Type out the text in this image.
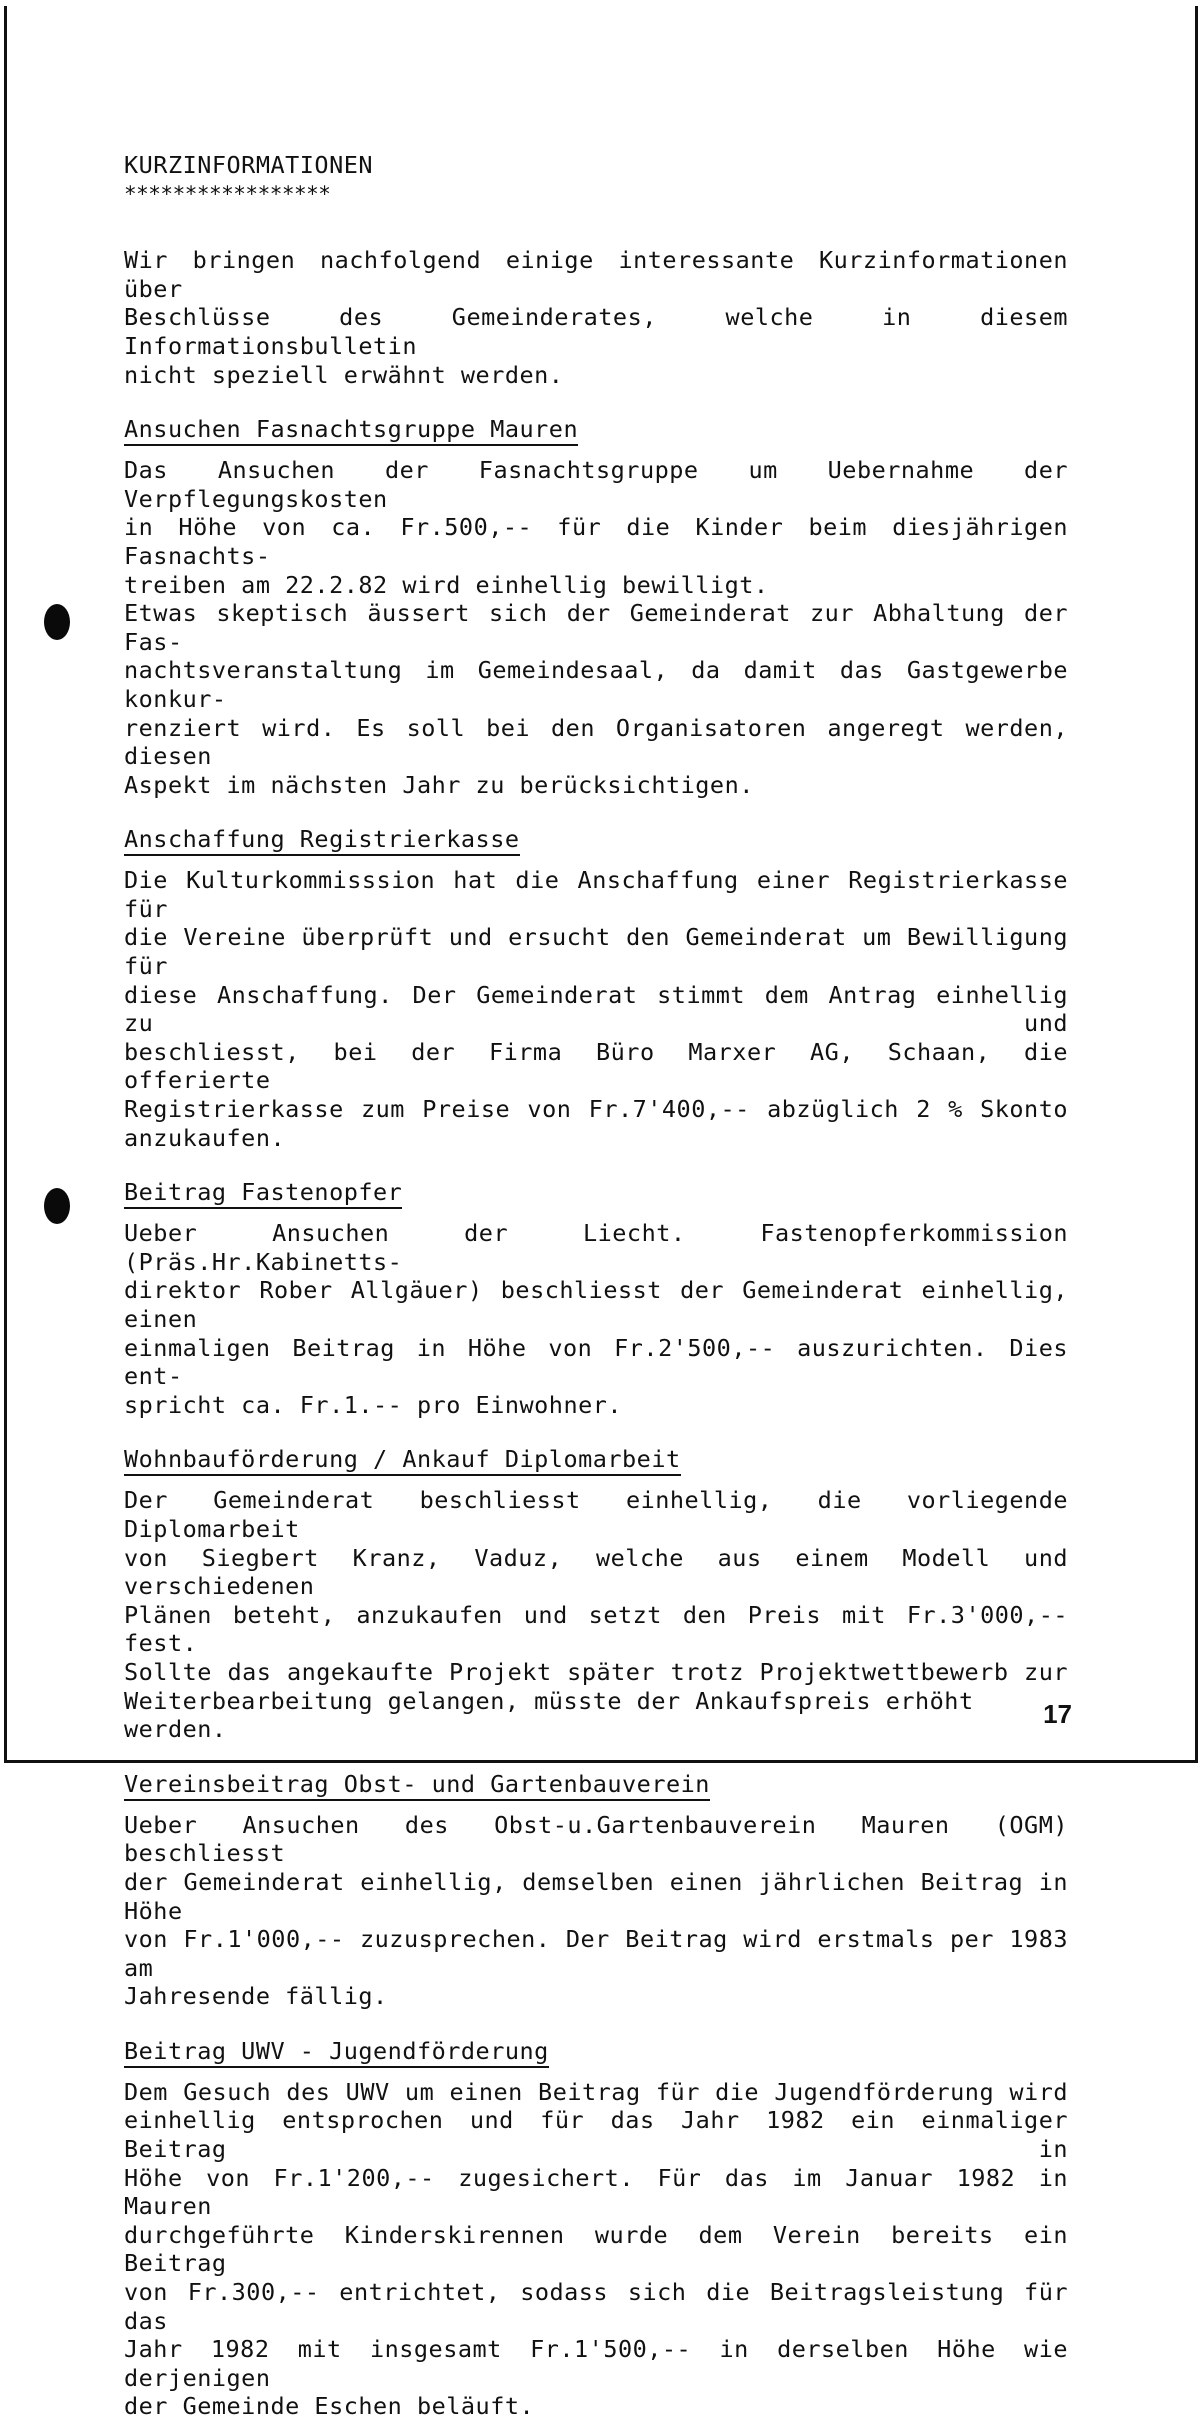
KURZINFORMATIONEN
*****************
Wir bringen nachfolgend einige interessante Kurzinformationen über
Beschlüsse des Gemeinderates, welche in diesem Informationsbulletin
nicht speziell erwähnt werden.
Ansuchen Fasnachtsgruppe Mauren
Das Ansuchen der Fasnachtsgruppe um Uebernahme der Verpflegungskosten
in Höhe von ca. Fr.500,-- für die Kinder beim diesjährigen Fasnachts-
treiben am 22.2.82 wird einhellig bewilligt.
Etwas skeptisch äussert sich der Gemeinderat zur Abhaltung der Fas-
nachtsveranstaltung im Gemeindesaal, da damit das Gastgewerbe konkur-
renziert wird. Es soll bei den Organisatoren angeregt werden, diesen
Aspekt im nächsten Jahr zu berücksichtigen.
Anschaffung Registrierkasse
Die Kulturkommisssion hat die Anschaffung einer Registrierkasse für
die Vereine überprüft und ersucht den Gemeinderat um Bewilligung für
diese Anschaffung. Der Gemeinderat stimmt dem Antrag einhellig zu und
beschliesst, bei der Firma Büro Marxer AG, Schaan, die offerierte
Registrierkasse zum Preise von Fr.7'400,-- abzüglich 2 % Skonto
anzukaufen.
Beitrag Fastenopfer
Ueber Ansuchen der Liecht. Fastenopferkommission (Präs.Hr.Kabinetts-
direktor Rober Allgäuer) beschliesst der Gemeinderat einhellig, einen
einmaligen Beitrag in Höhe von Fr.2'500,-- auszurichten. Dies ent-
spricht ca. Fr.1.-- pro Einwohner.
Wohnbauförderung / Ankauf Diplomarbeit
Der Gemeinderat beschliesst einhellig, die vorliegende Diplomarbeit
von Siegbert Kranz, Vaduz, welche aus einem Modell und verschiedenen
Plänen beteht, anzukaufen und setzt den Preis mit Fr.3'000,-- fest.
Sollte das angekaufte Projekt später trotz Projektwettbewerb zur
Weiterbearbeitung gelangen, müsste der Ankaufspreis erhöht werden.
Vereinsbeitrag Obst- und Gartenbauverein
Ueber Ansuchen des Obst-u.Gartenbauverein Mauren (OGM) beschliesst
der Gemeinderat einhellig, demselben einen jährlichen Beitrag in Höhe
von Fr.1'000,-- zuzusprechen. Der Beitrag wird erstmals per 1983 am
Jahresende fällig.
Beitrag UWV - Jugendförderung
Dem Gesuch des UWV um einen Beitrag für die Jugendförderung wird
einhellig entsprochen und für das Jahr 1982 ein einmaliger Beitrag in
Höhe von Fr.1'200,-- zugesichert. Für das im Januar 1982 in Mauren
durchgeführte Kinderskirennen wurde dem Verein bereits ein Beitrag
von Fr.300,-- entrichtet, sodass sich die Beitragsleistung für das
Jahr 1982 mit insgesamt Fr.1'500,-- in derselben Höhe wie derjenigen
der Gemeinde Eschen beläuft.
17
